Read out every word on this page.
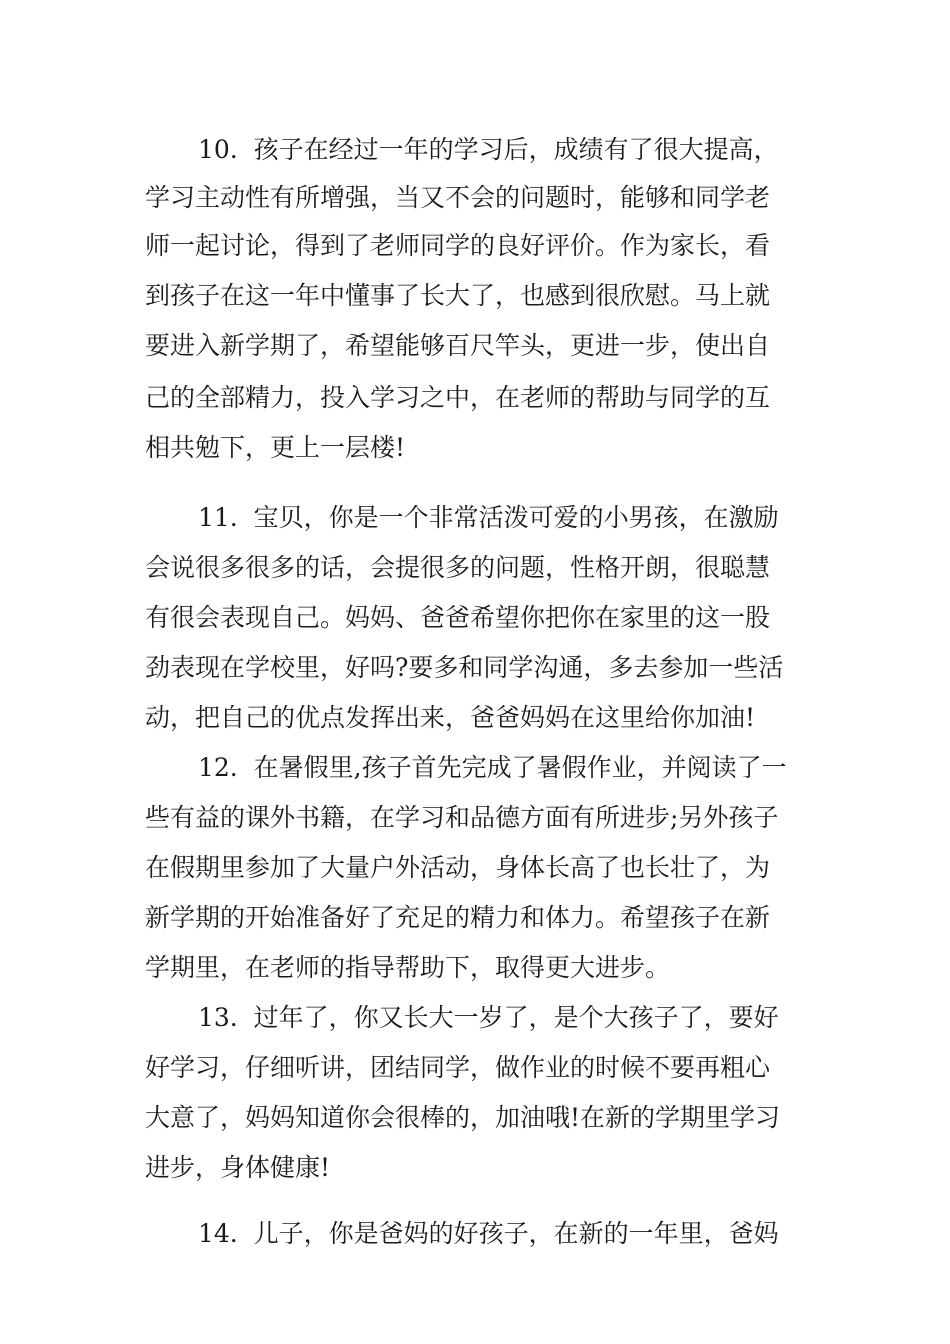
10. 孩子在经过一年的学习后，成绩有了很大提高，
学习主动性有所增强，当又不会的问题时，能够和同学老
师一起讨论，得到了老师同学的良好评价。作为家长，看
到孩子在这一年中懂事了长大了，也感到很欣慰。马上就
要进入新学期了，希望能够百尺竿头，更进一步，使出自
己的全部精力，投入学习之中，在老师的帮助与同学的互
相共勉下，更上一层楼!
11. 宝贝，你是一个非常活泼可爱的小男孩，在激励
会说很多很多的话，会提很多的问题，性格开朗，很聪慧
有很会表现自己。妈妈、爸爸希望你把你在家里的这一股
劲表现在学校里，好吗?要多和同学沟通，多去参加一些活
动，把自己的优点发挥出来，爸爸妈妈在这里给你加油!
12. 在暑假里,孩子首先完成了暑假作业，并阅读了一
些有益的课外书籍，在学习和品德方面有所进步;另外孩子
在假期里参加了大量户外活动，身体长高了也长壮了，为
新学期的开始准备好了充足的精力和体力。希望孩子在新
学期里，在老师的指导帮助下，取得更大进步。
13. 过年了，你又长大一岁了，是个大孩子了，要好
好学习，仔细听讲，团结同学，做作业的时候不要再粗心
大意了，妈妈知道你会很棒的，加油哦!在新的学期里学习
进步，身体健康!
14. 儿子，你是爸妈的好孩子，在新的一年里，爸妈
